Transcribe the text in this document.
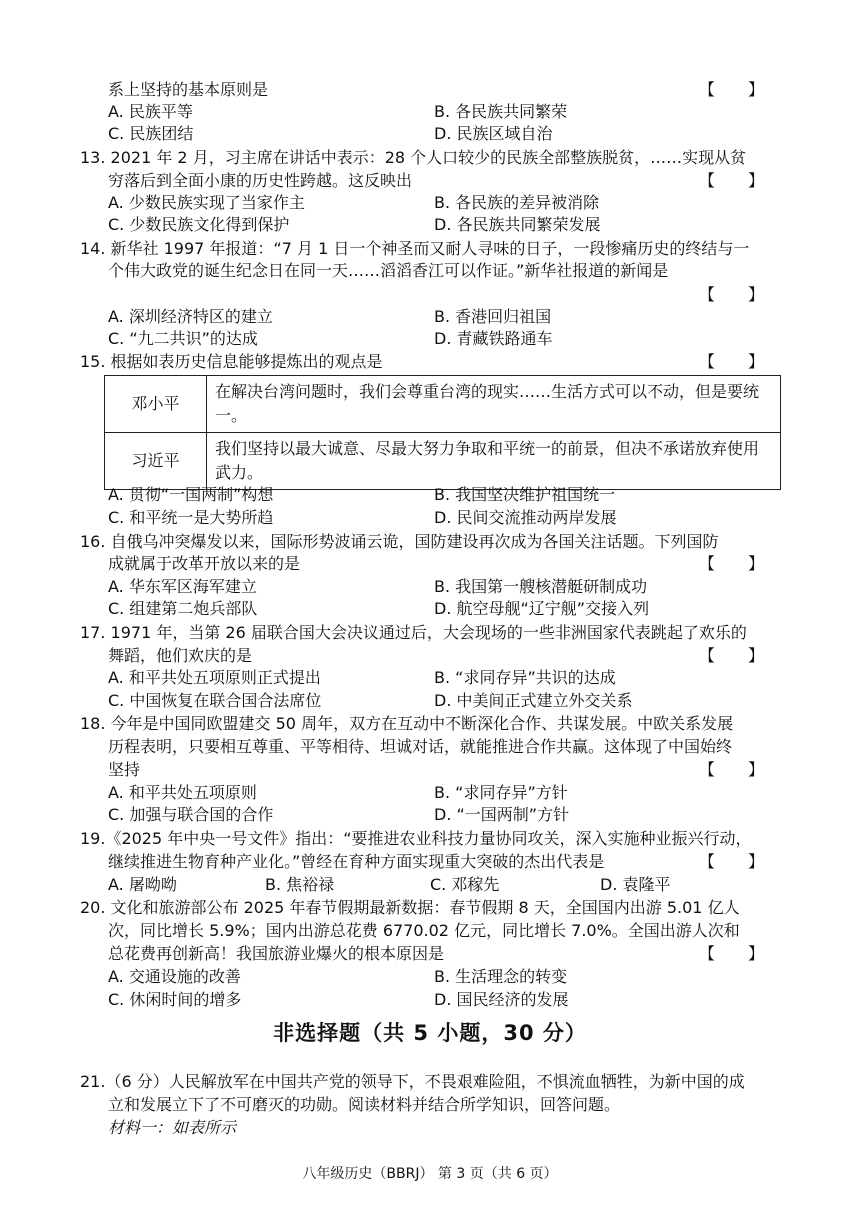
系上坚持的基本原则是	【 】
A. 民族平等	B. 各民族共同繁荣
C. 民族团结	D. 民族区域自治
13. 2021 年 2 月，习主席在讲话中表示：28 个人口较少的民族全部整族脱贫，……实现从贫
穷落后到全面小康的历史性跨越。这反映出	【 】
A. 少数民族实现了当家作主	B. 各民族的差异被消除
C. 少数民族文化得到保护	D. 各民族共同繁荣发展
14. 新华社 1997 年报道：“7 月 1 日一个神圣而又耐人寻味的日子，一段惨痛历史的终结与一
个伟大政党的诞生纪念日在同一天……滔滔香江可以作证。”新华社报道的新闻是
【 】
A. 深圳经济特区的建立	B. 香港回归祖国
C. “九二共识”的达成	D. 青藏铁路通车
15. 根据如表历史信息能够提炼出的观点是	【 】
邓小平	在解决台湾问题时，我们会尊重台湾的现实……生活方式可以不动，但是要统一。
习近平	我们坚持以最大诚意、尽最大努力争取和平统一的前景，但决不承诺放弃使用武力。
A. 贯彻“一国两制”构想	B. 我国坚决维护祖国统一
C. 和平统一是大势所趋	D. 民间交流推动两岸发展
16. 自俄乌冲突爆发以来，国际形势波诵云诡，国防建设再次成为各国关注话题。下列国防
成就属于改革开放以来的是	【 】
A. 华东军区海军建立	B. 我国第一艘核潜艇研制成功
C. 组建第二炮兵部队	D. 航空母舰“辽宁舰”交接入列
17. 1971 年，当第 26 届联合国大会决议通过后，大会现场的一些非洲国家代表跳起了欢乐的
舞蹈，他们欢庆的是	【 】
A. 和平共处五项原则正式提出	B. “求同存异”共识的达成
C. 中国恢复在联合国合法席位	D. 中美间正式建立外交关系
18. 今年是中国同欧盟建交 50 周年，双方在互动中不断深化合作、共谋发展。中欧关系发展
历程表明，只要相互尊重、平等相待、坦诚对话，就能推进合作共赢。这体现了中国始终
坚持	【 】
A. 和平共处五项原则	B. “求同存异”方针
C. 加强与联合国的合作	D. “一国两制”方针
19.《2025 年中央一号文件》指出：“要推进农业科技力量协同攻关，深入实施种业振兴行动，
继续推进生物育种产业化。”曾经在育种方面实现重大突破的杰出代表是	【 】
A. 屠呦呦	B. 焦裕禄	C. 邓稼先	D. 袁隆平
20. 文化和旅游部公布 2025 年春节假期最新数据：春节假期 8 天，全国国内出游 5.01 亿人
次，同比增长 5.9%；国内出游总花费 6770.02 亿元，同比增长 7.0%。全国出游人次和
总花费再创新高！我国旅游业爆火的根本原因是	【 】
A. 交通设施的改善	B. 生活理念的转变
C. 休闲时间的增多	D. 国民经济的发展
非选择题（共 5 小题，30 分）
21.（6 分）人民解放军在中国共产党的领导下，不畏艰难险阻，不惧流血牺牲，为新中国的成
立和发展立下了不可磨灭的功勋。阅读材料并结合所学知识，回答问题。
材料一：如表所示
八年级历史（BBRJ） 第 3 页（共 6 页）
